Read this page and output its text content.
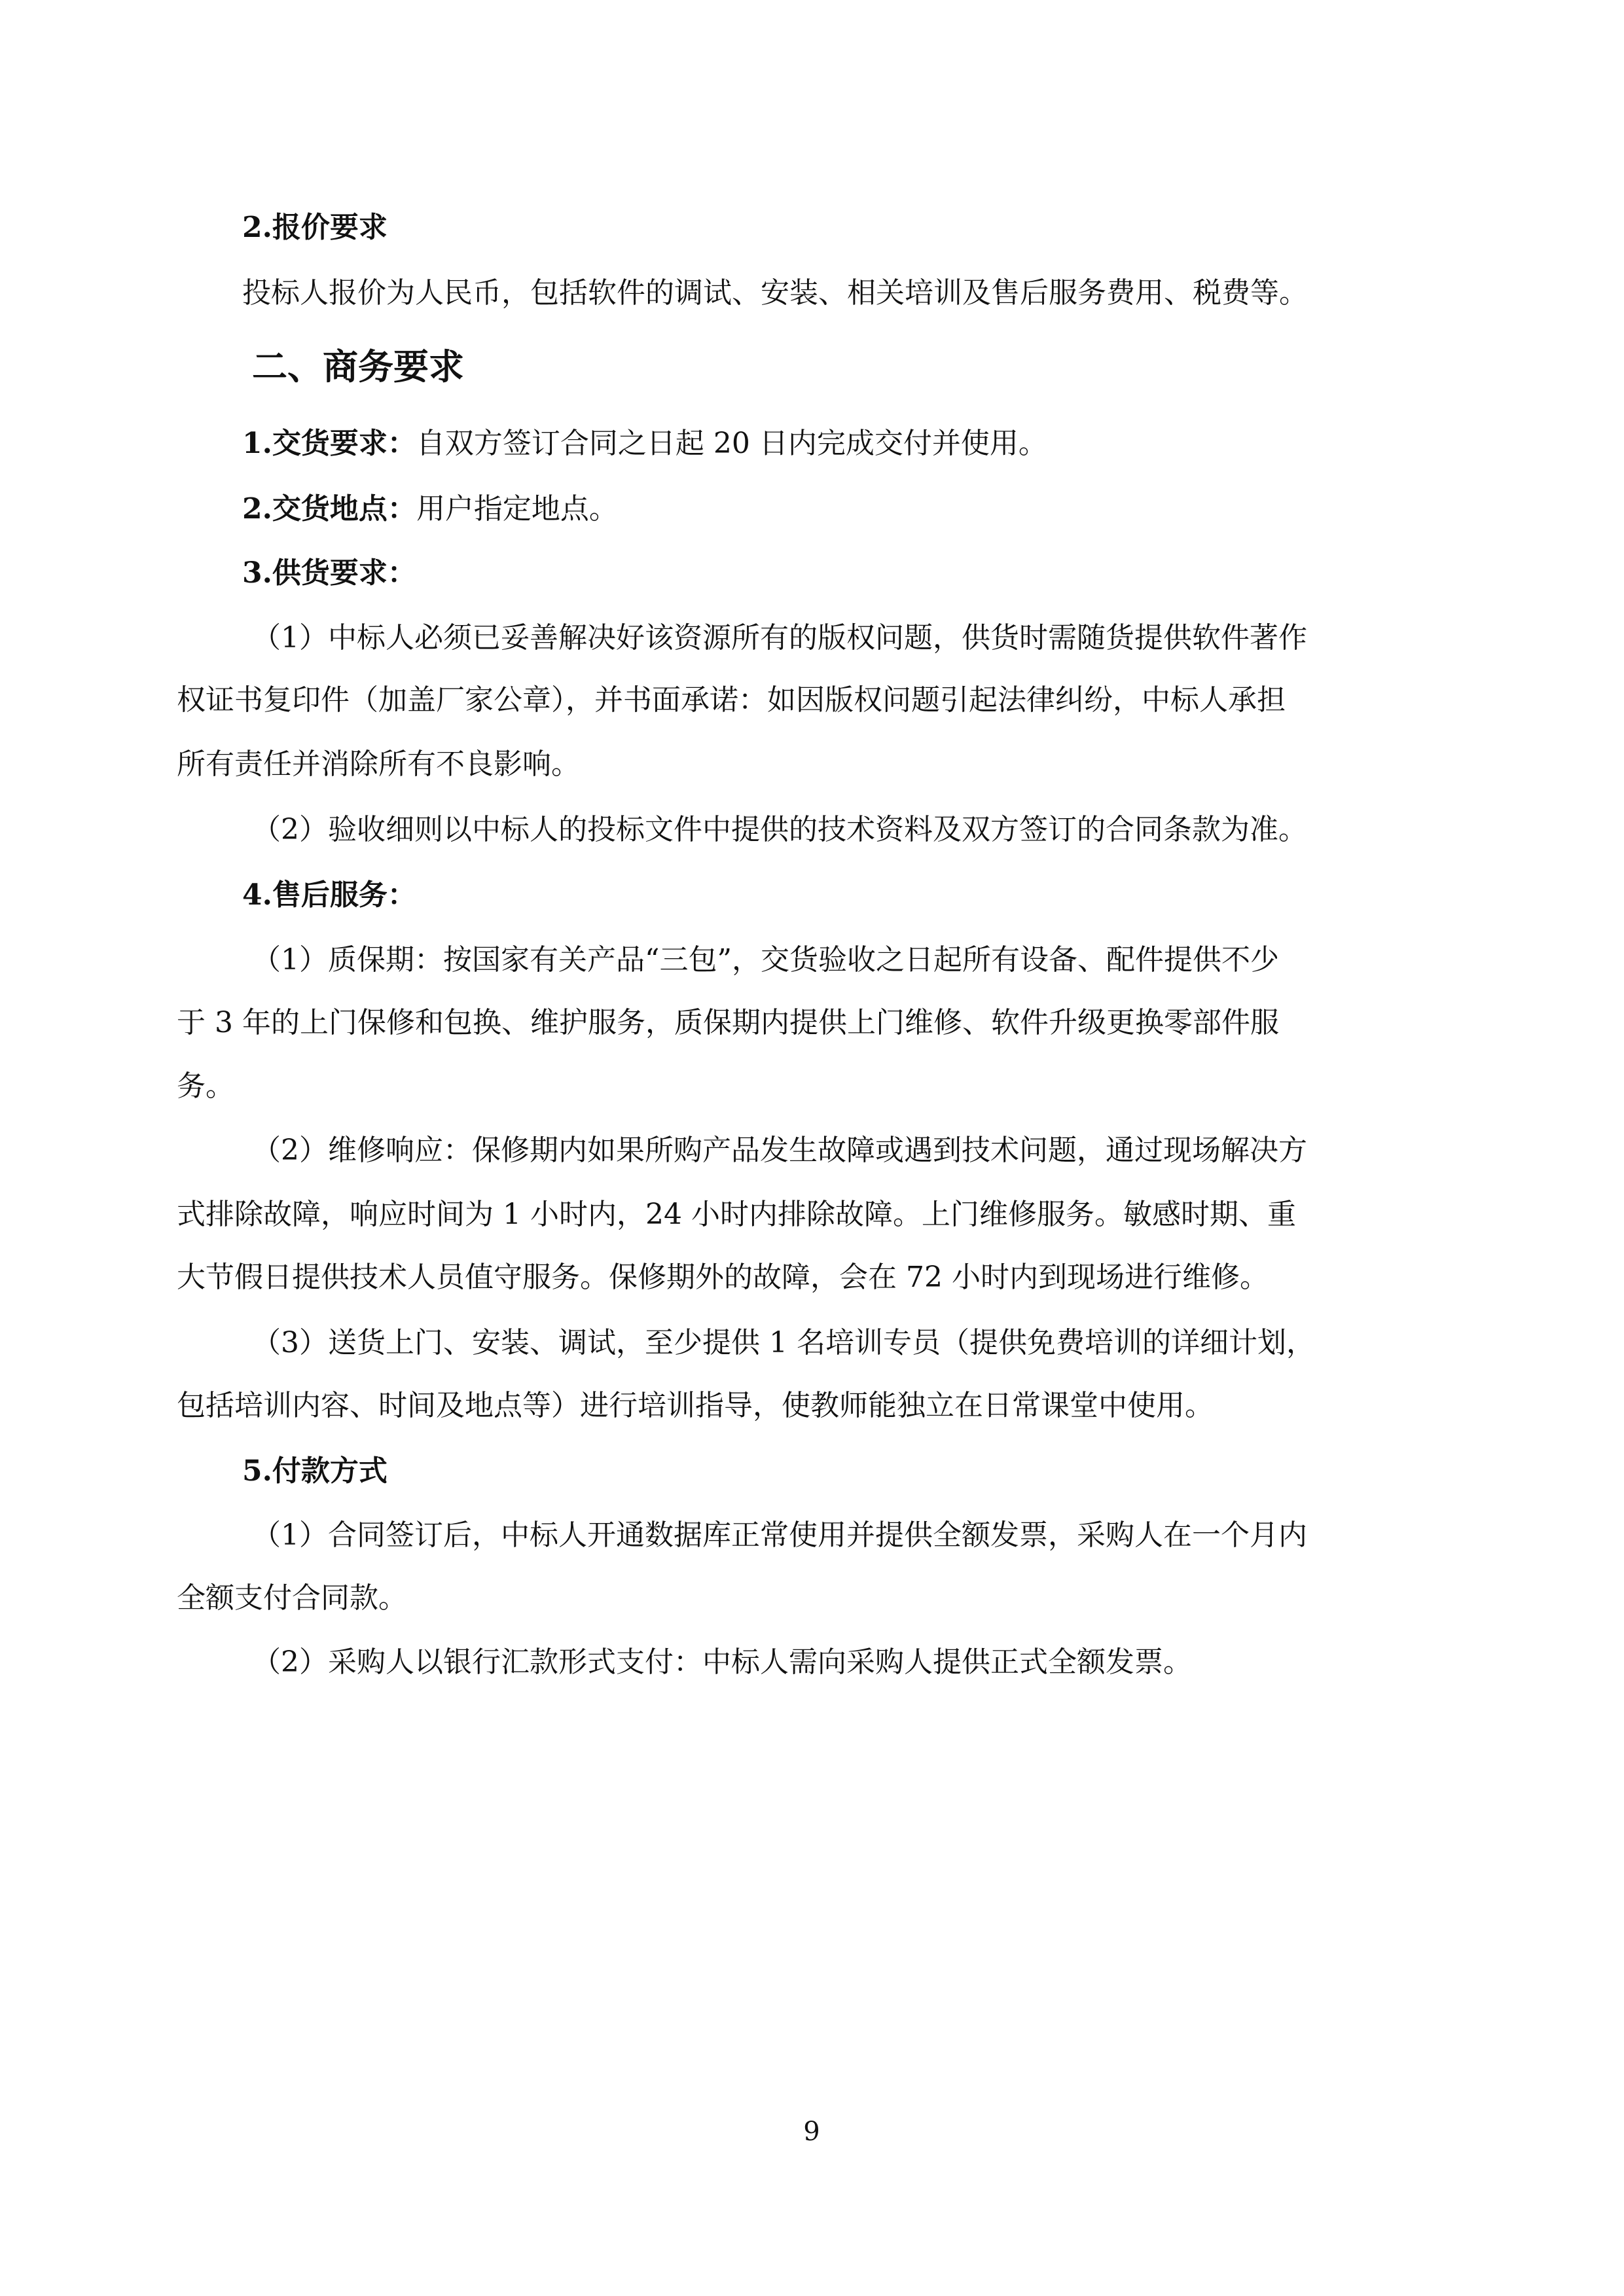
2.报价要求

投标人报价为人民币，包括软件的调试、安装、相关培训及售后服务费用、税费等。

二、商务要求

1.交货要求：自双方签订合同之日起 20 日内完成交付并使用。

2.交货地点：用户指定地点。

3.供货要求：

（1）中标人必须已妥善解决好该资源所有的版权问题，供货时需随货提供软件著作

权证书复印件（加盖厂家公章），并书面承诺：如因版权问题引起法律纠纷，中标人承担

所有责任并消除所有不良影响。

（2）验收细则以中标人的投标文件中提供的技术资料及双方签订的合同条款为准。

4.售后服务：

（1）质保期：按国家有关产品“三包”，交货验收之日起所有设备、配件提供不少

于 3 年的上门保修和包换、维护服务，质保期内提供上门维修、软件升级更换零部件服

务。

（2）维修响应：保修期内如果所购产品发生故障或遇到技术问题，通过现场解决方

式排除故障，响应时间为 1 小时内，24 小时内排除故障。上门维修服务。敏感时期、重

大节假日提供技术人员值守服务。保修期外的故障，会在 72 小时内到现场进行维修。

（3）送货上门、安装、调试，至少提供 1 名培训专员（提供免费培训的详细计划，

包括培训内容、时间及地点等）进行培训指导，使教师能独立在日常课堂中使用。

5.付款方式

（1）合同签订后，中标人开通数据库正常使用并提供全额发票，采购人在一个月内

全额支付合同款。

（2）采购人以银行汇款形式支付：中标人需向采购人提供正式全额发票。

9
